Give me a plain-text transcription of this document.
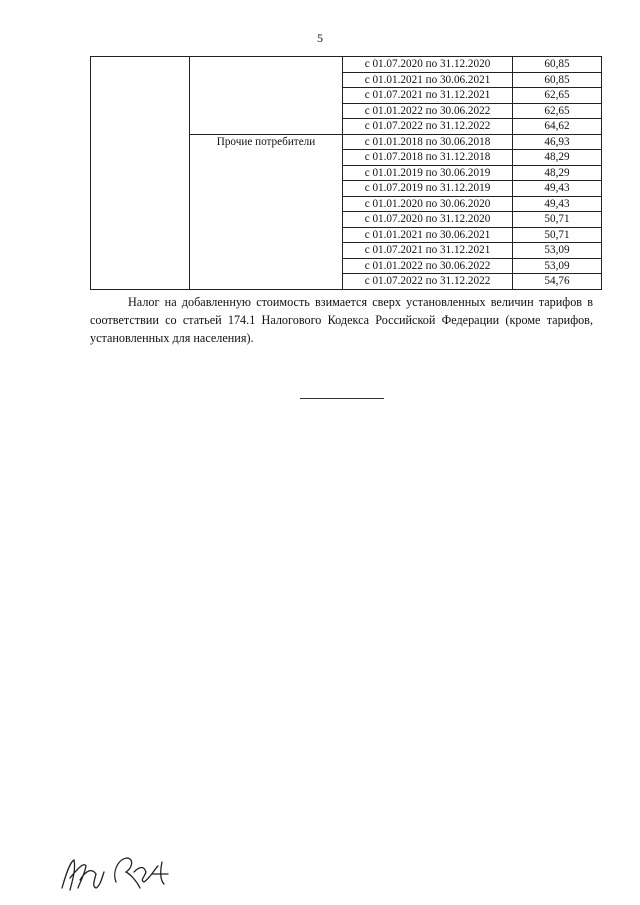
5
		с 01.07.2020 по 31.12.2020	60,85
		с 01.01.2021 по 30.06.2021	60,85
		с 01.07.2021 по 31.12.2021	62,65
		с 01.01.2022 по 30.06.2022	62,65
		с 01.07.2022 по 31.12.2022	64,62
	Прочие потребители	с 01.01.2018 по 30.06.2018	46,93
		с 01.07.2018 по 31.12.2018	48,29
		с 01.01.2019 по 30.06.2019	48,29
		с 01.07.2019 по 31.12.2019	49,43
		с 01.01.2020 по 30.06.2020	49,43
		с 01.07.2020 по 31.12.2020	50,71
		с 01.01.2021 по 30.06.2021	50,71
		с 01.07.2021 по 31.12.2021	53,09
		с 01.01.2022 по 30.06.2022	53,09
		с 01.07.2022 по 31.12.2022	54,76
Налог на добавленную стоимость взимается сверх установленных величин тарифов в соответствии со статьей 174.1 Налогового Кодекса Российской Федерации (кроме тарифов, установленных для населения).
